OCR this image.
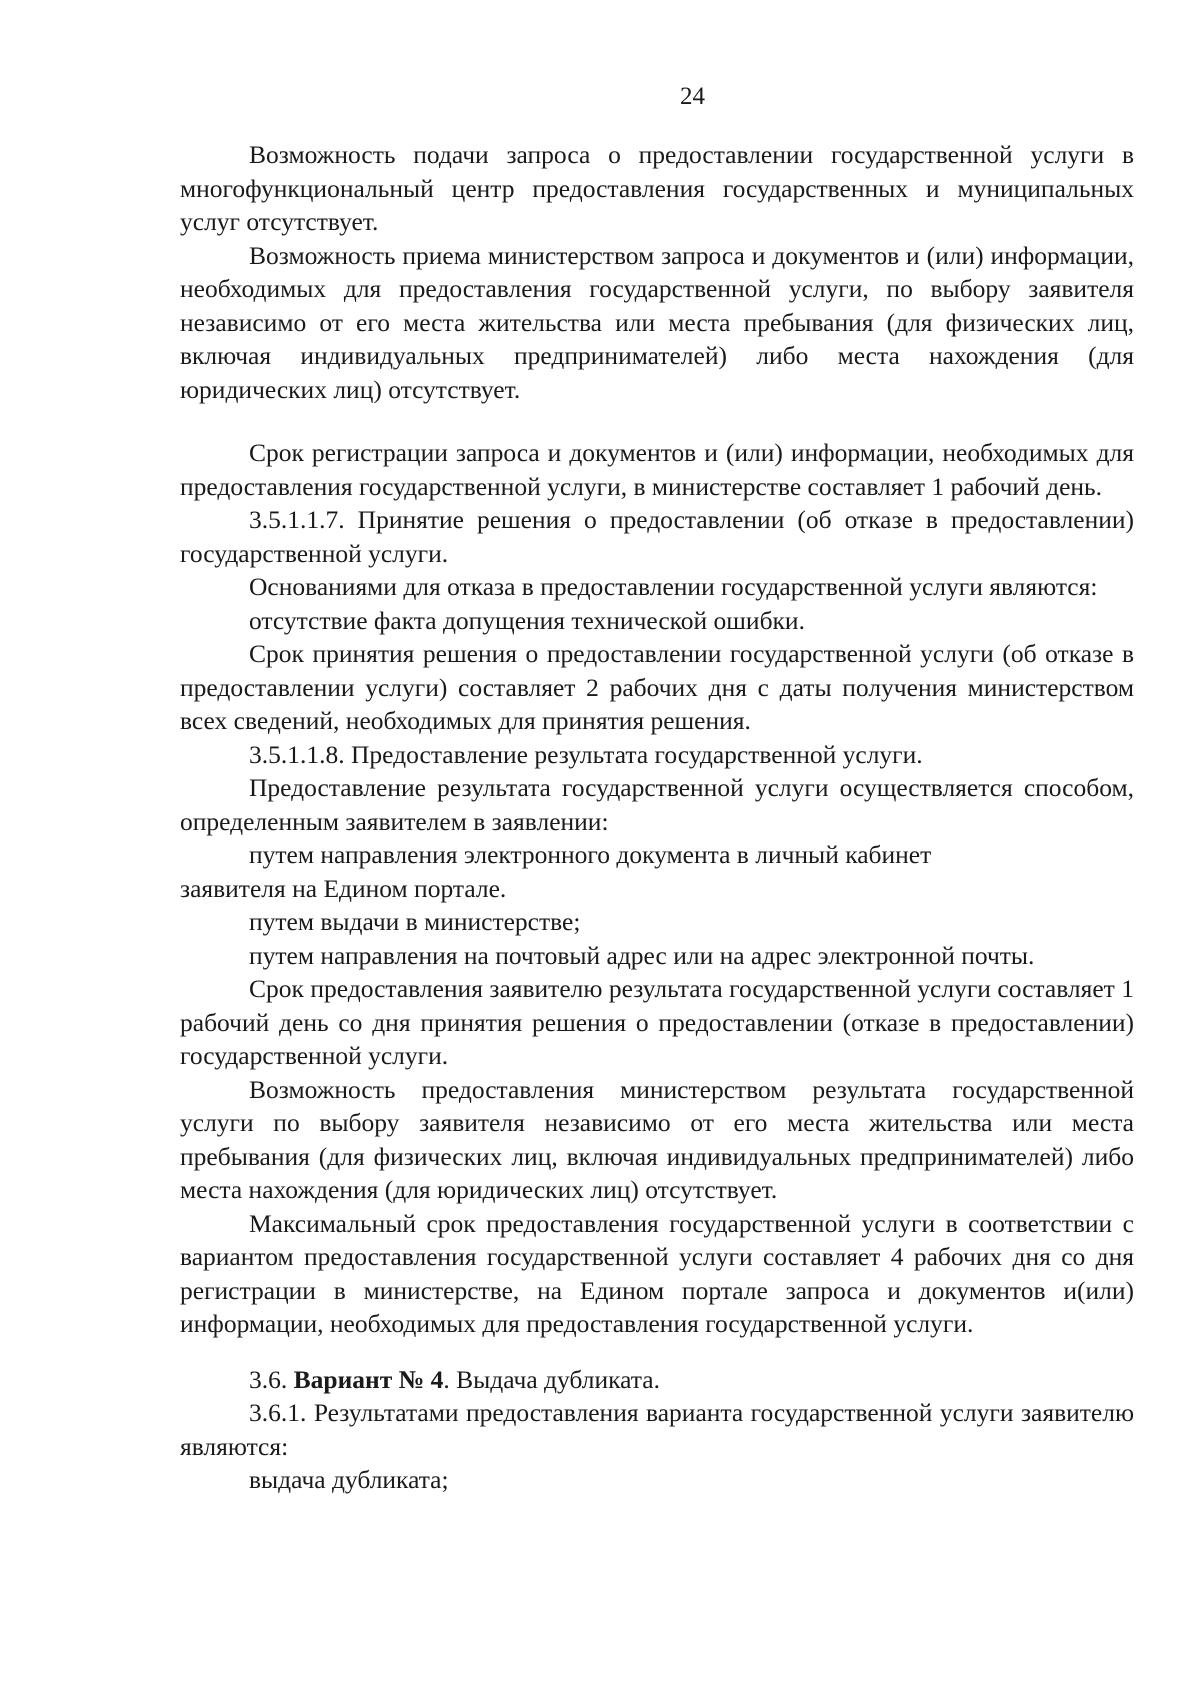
24

Возможность подачи запроса о предоставлении государственной услуги в многофункциональный центр предоставления государственных и муниципальных услуг отсутствует.

Возможность приема министерством запроса и документов и (или) информации, необходимых для предоставления государственной услуги, по выбору заявителя независимо от его места жительства или места пребывания (для физических лиц, включая индивидуальных предпринимателей) либо места нахождения (для юридических лиц) отсутствует.

Срок регистрации запроса и документов и (или) информации, необходимых для предоставления государственной услуги, в министерстве составляет 1 рабочий день.

3.5.1.1.7. Принятие решения о предоставлении (об отказе в предоставлении) государственной услуги.

Основаниями для отказа в предоставлении государственной услуги являются:

отсутствие факта допущения технической ошибки.

Срок принятия решения о предоставлении государственной услуги (об отказе в предоставлении услуги) составляет 2 рабочих дня с даты получения министерством всех сведений, необходимых для принятия решения.

3.5.1.1.8. Предоставление результата государственной услуги.

Предоставление результата государственной услуги осуществляется способом, определенным заявителем в заявлении:

путем направления электронного документа в личный кабинет

заявителя на Едином портале.

путем выдачи в министерстве;

путем направления на почтовый адрес или на адрес электронной почты.

Срок предоставления заявителю результата государственной услуги составляет 1 рабочий день со дня принятия решения о предоставлении (отказе в предоставлении) государственной услуги.

Возможность предоставления министерством результата государственной услуги по выбору заявителя независимо от его места жительства или места пребывания (для физических лиц, включая индивидуальных предпринимателей) либо места нахождения (для юридических лиц) отсутствует.

Максимальный срок предоставления государственной услуги в соответствии с вариантом предоставления государственной услуги составляет 4 рабочих дня со дня регистрации в министерстве, на Едином портале запроса и документов и(или) информации, необходимых для предоставления государственной услуги.

3.6. Вариант № 4. Выдача дубликата.

3.6.1. Результатами предоставления варианта государственной услуги заявителю являются:

выдача дубликата;
